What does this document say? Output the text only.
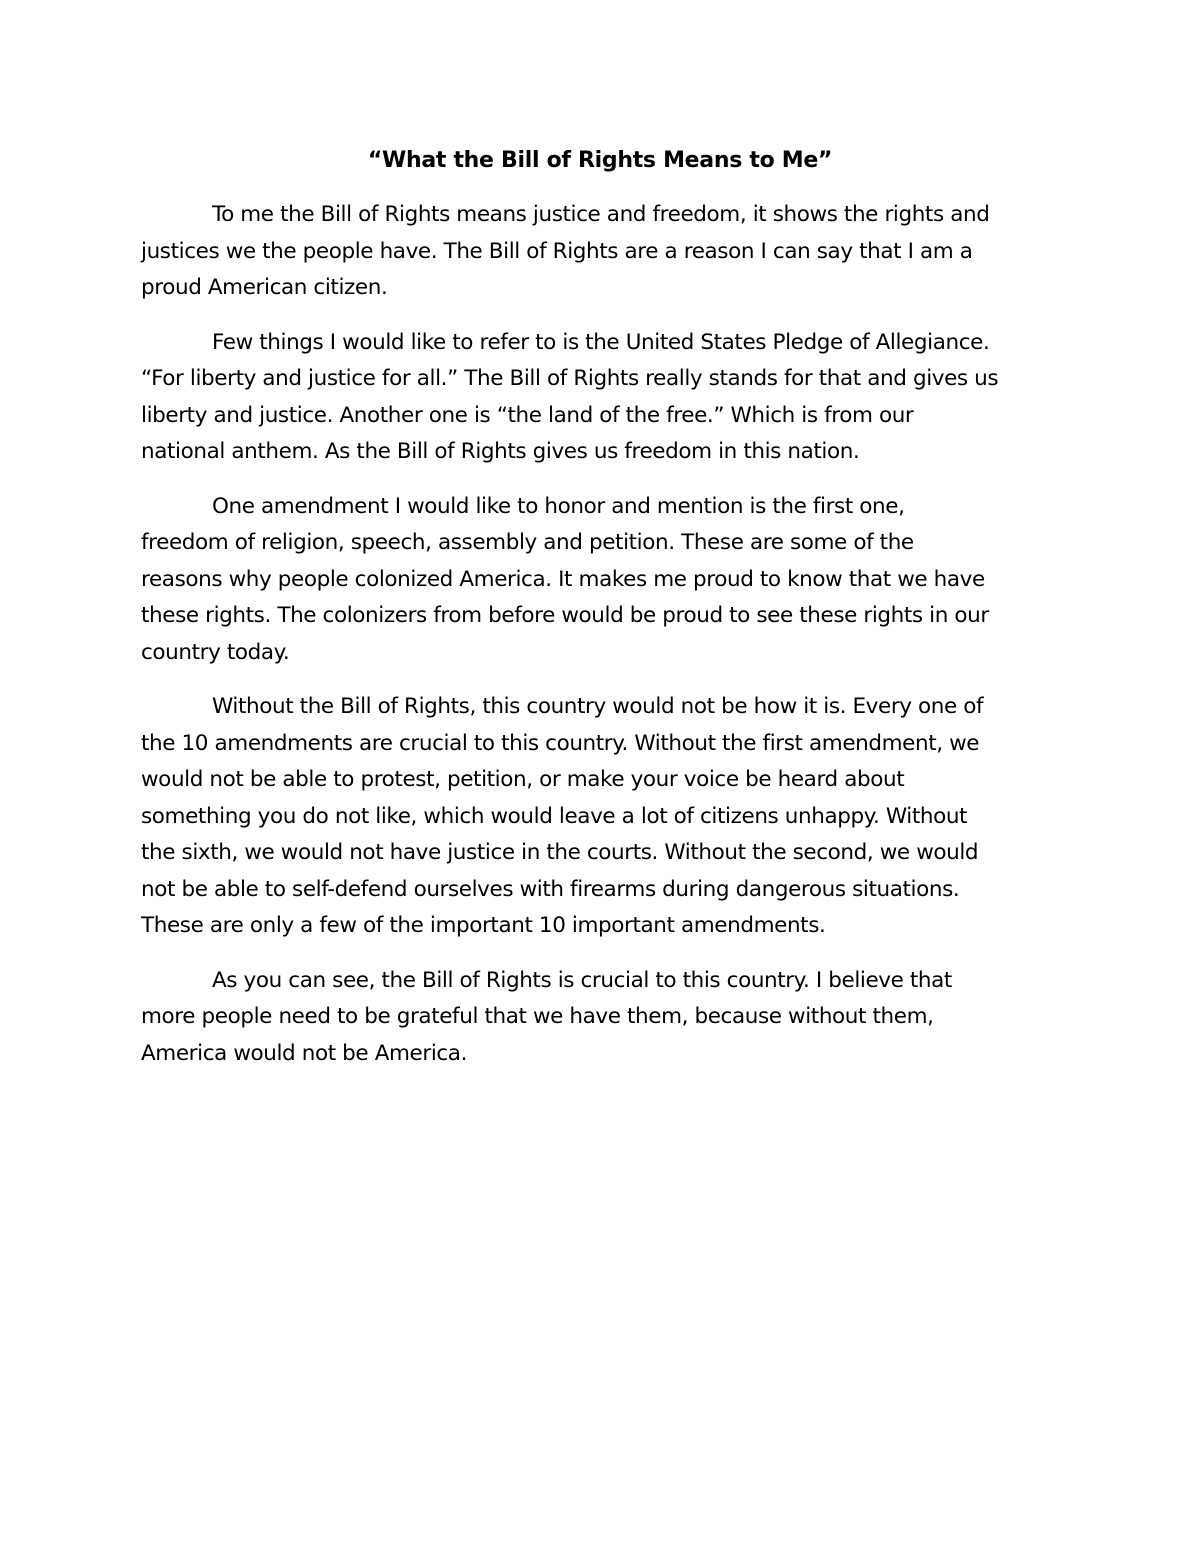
“What the Bill of Rights Means to Me”

To me the Bill of Rights means justice and freedom, it shows the rights and
justices we the people have. The Bill of Rights are a reason I can say that I am a
proud American citizen.

Few things I would like to refer to is the United States Pledge of Allegiance.
“For liberty and justice for all.” The Bill of Rights really stands for that and gives us
liberty and justice. Another one is “the land of the free.” Which is from our
national anthem. As the Bill of Rights gives us freedom in this nation.

One amendment I would like to honor and mention is the first one,
freedom of religion, speech, assembly and petition. These are some of the
reasons why people colonized America. It makes me proud to know that we have
these rights. The colonizers from before would be proud to see these rights in our
country today.

Without the Bill of Rights, this country would not be how it is. Every one of
the 10 amendments are crucial to this country. Without the first amendment, we
would not be able to protest, petition, or make your voice be heard about
something you do not like, which would leave a lot of citizens unhappy. Without
the sixth, we would not have justice in the courts. Without the second, we would
not be able to self-defend ourselves with firearms during dangerous situations.
These are only a few of the important 10 important amendments.

As you can see, the Bill of Rights is crucial to this country. I believe that
more people need to be grateful that we have them, because without them,
America would not be America.
